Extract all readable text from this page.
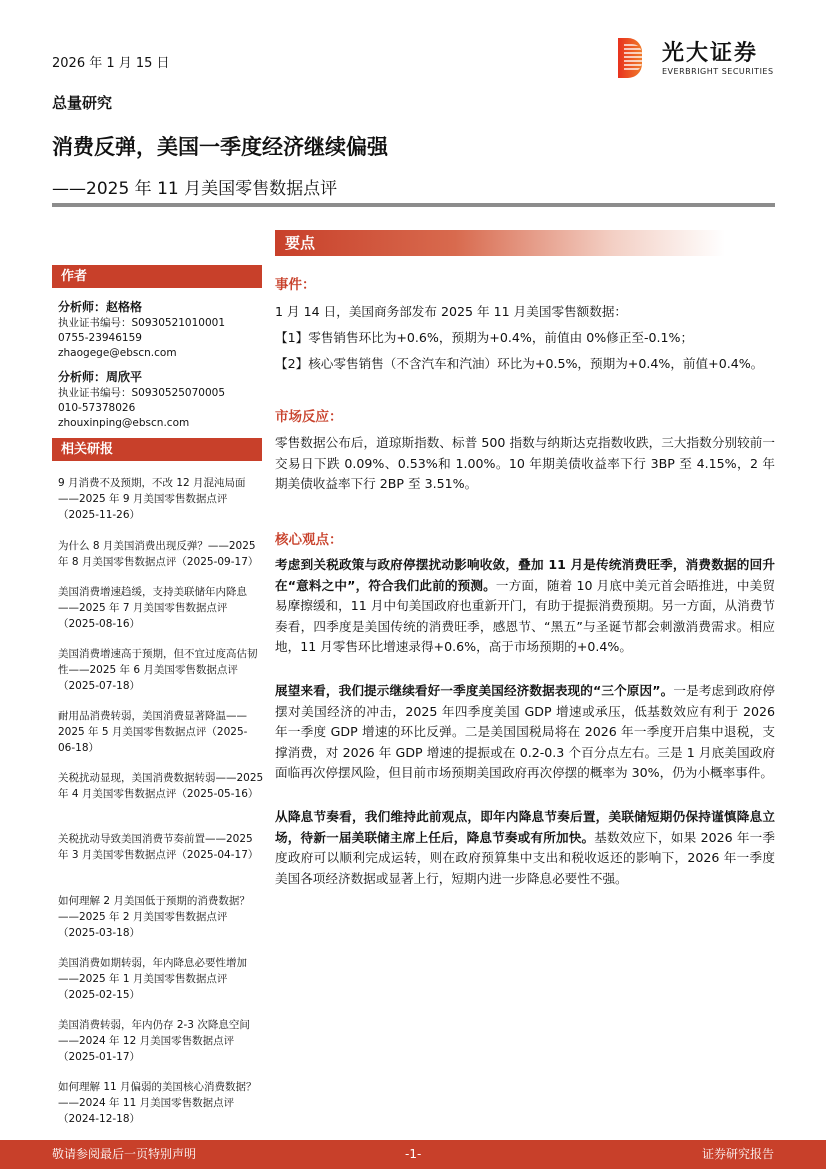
2026 年 1 月 15 日	光大证券
EVERBRIGHT SECURITIES
总量研究
消费反弹，美国一季度经济继续偏强
——2025 年 11 月美国零售数据点评
作者
分析师：赵格格
执业证书编号：S0930521010001
0755-23946159
zhaogege@ebscn.com
分析师：周欣平
执业证书编号：S0930525070005
010-57378026
zhouxinping@ebscn.com
相关研报
9 月消费不及预期，不改 12 月混沌局面——2025 年 9 月美国零售数据点评（2025-11-26）
为什么 8 月美国消费出现反弹？——2025 年 8 月美国零售数据点评（2025-09-17）
美国消费增速趋缓，支持美联储年内降息——2025 年 7 月美国零售数据点评（2025-08-16）
美国消费增速高于预期，但不宜过度高估韧性——2025 年 6 月美国零售数据点评（2025-07-18）
耐用品消费转弱，美国消费显著降温——2025 年 5 月美国零售数据点评（2025-06-18）
关税扰动显现，美国消费数据转弱——2025 年 4 月美国零售数据点评（2025-05-16）
关税扰动导致美国消费节奏前置——2025 年 3 月美国零售数据点评（2025-04-17）
如何理解 2 月美国低于预期的消费数据？——2025 年 2 月美国零售数据点评（2025-03-18）
美国消费如期转弱，年内降息必要性增加——2025 年 1 月美国零售数据点评（2025-02-15）
美国消费转弱，年内仍存 2-3 次降息空间——2024 年 12 月美国零售数据点评（2025-01-17）
如何理解 11 月偏弱的美国核心消费数据？——2024 年 11 月美国零售数据点评（2024-12-18）
要点
事件：
1 月 14 日，美国商务部发布 2025 年 11 月美国零售额数据：
【1】零售销售环比为+0.6%，预期为+0.4%，前值由 0%修正至-0.1%；
【2】核心零售销售（不含汽车和汽油）环比为+0.5%，预期为+0.4%，前值+0.4%。
市场反应：
零售数据公布后，道琼斯指数、标普 500 指数与纳斯达克指数收跌，三大指数分别较前一交易日下跌 0.09%、0.53%和 1.00%。10 年期美债收益率下行 3BP 至 4.15%，2 年期美债收益率下行 2BP 至 3.51%。
核心观点：
考虑到关税政策与政府停摆扰动影响收敛，叠加 11 月是传统消费旺季，消费数据的回升在“意料之中”，符合我们此前的预测。一方面，随着 10 月底中美元首会晤推进，中美贸易摩擦缓和，11 月中旬美国政府也重新开门，有助于提振消费预期。另一方面，从消费节奏看，四季度是美国传统的消费旺季，感恩节、“黑五”与圣诞节都会刺激消费需求。相应地，11 月零售环比增速录得+0.6%，高于市场预期的+0.4%。
展望来看，我们提示继续看好一季度美国经济数据表现的“三个原因”。一是考虑到政府停摆对美国经济的冲击，2025 年四季度美国 GDP 增速或承压，低基数效应有利于 2026 年一季度 GDP 增速的环比反弹。二是美国国税局将在 2026 年一季度开启集中退税，支撑消费，对 2026 年 GDP 增速的提振或在 0.2-0.3 个百分点左右。三是 1 月底美国政府面临再次停摆风险，但目前市场预期美国政府再次停摆的概率为 30%，仍为小概率事件。
从降息节奏看，我们维持此前观点，即年内降息节奏后置，美联储短期仍保持谨慎降息立场，待新一届美联储主席上任后，降息节奏或有所加快。基数效应下，如果 2026 年一季度政府可以顺利完成运转，则在政府预算集中支出和税收返还的影响下，2026 年一季度美国各项经济数据或显著上行，短期内进一步降息必要性不强。
敬请参阅最后一页特别声明	-1-	证券研究报告
